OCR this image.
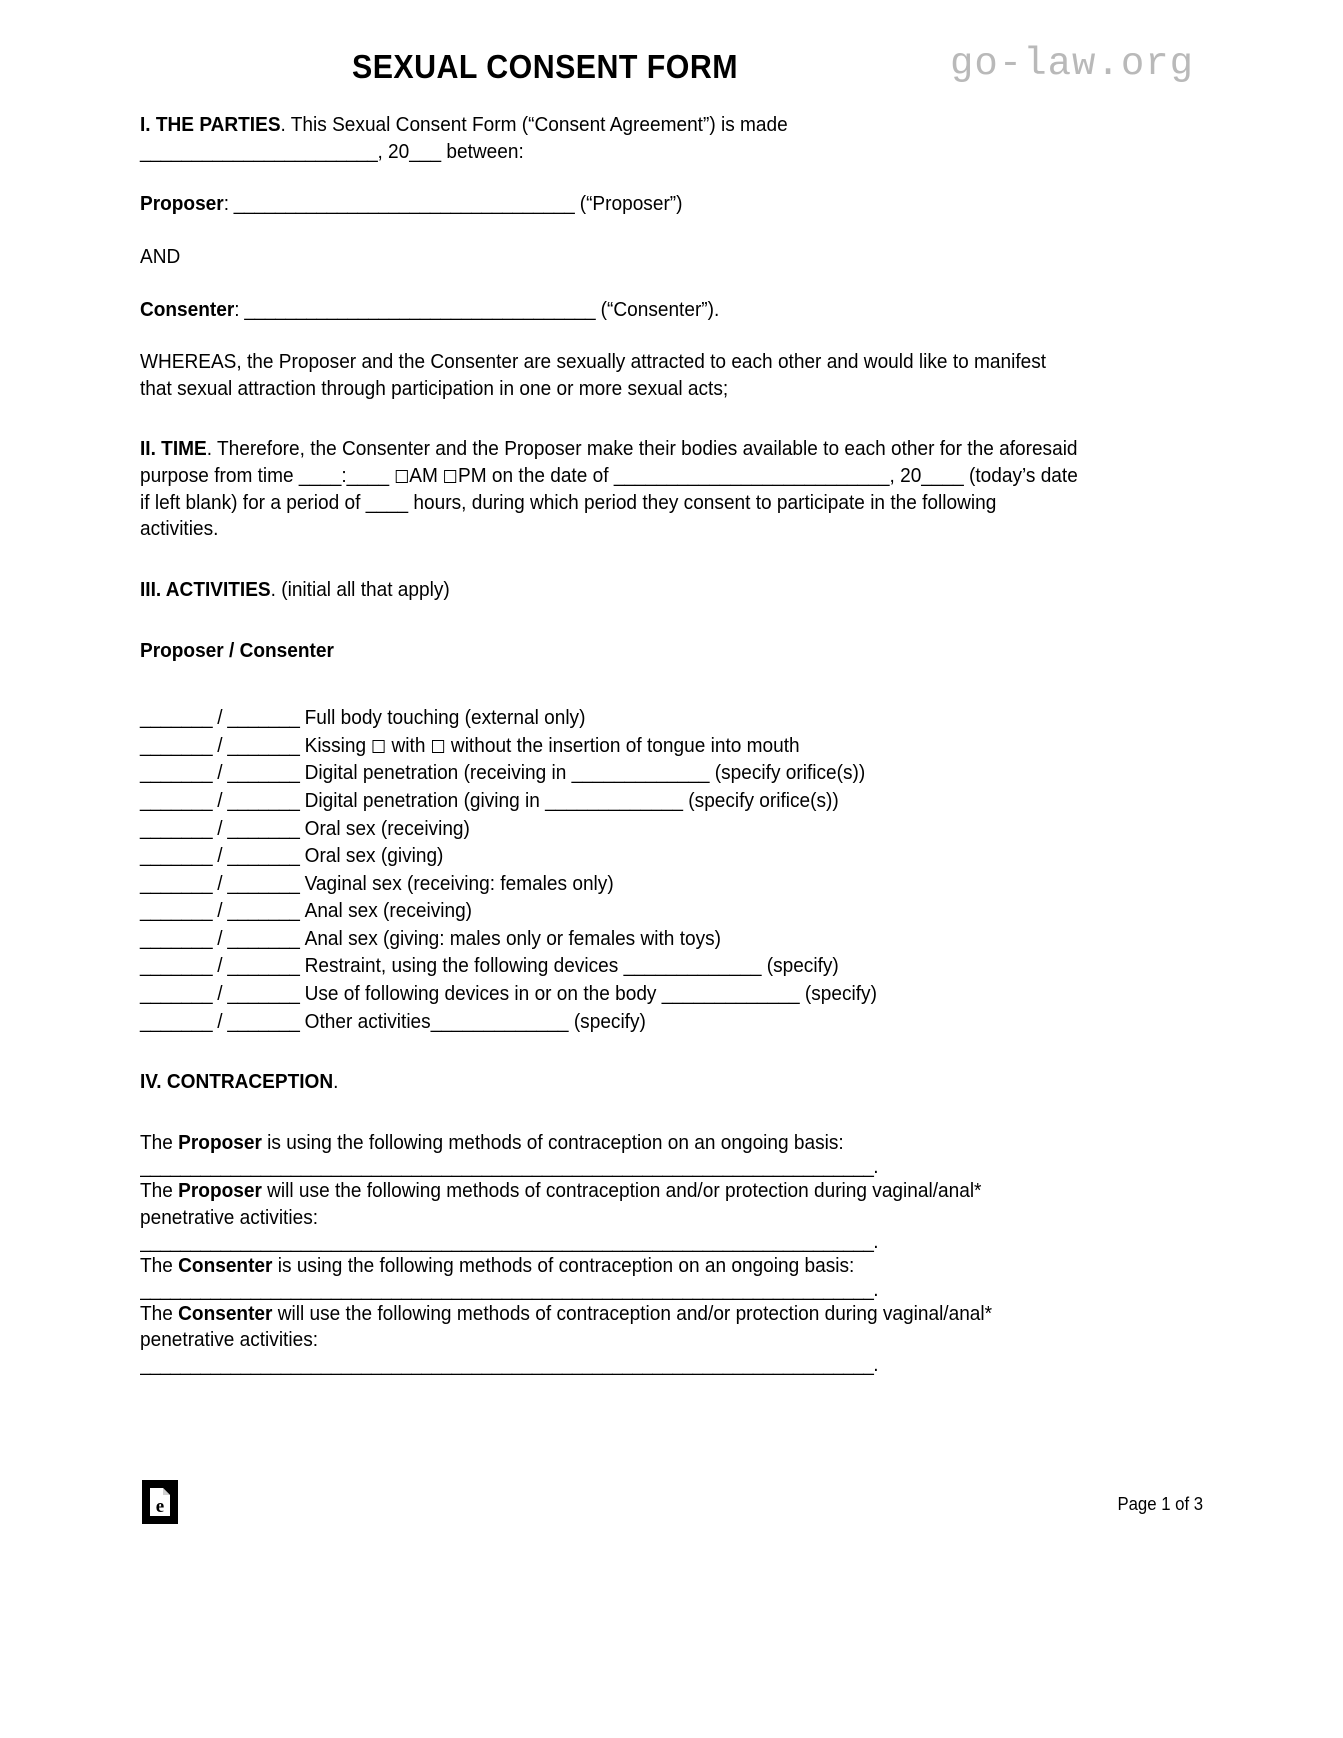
SEXUAL CONSENT FORM	go-law.org

I. THE PARTIES. This Sexual Consent Form (“Consent Agreement”) is made
_______________________, 20___ between:

Proposer: _________________________________ (“Proposer”)

AND

Consenter: __________________________________ (“Consenter”).

WHEREAS, the Proposer and the Consenter are sexually attracted to each other and would like to manifest that sexual attraction through participation in one or more sexual acts;

II. TIME. Therefore, the Consenter and the Proposer make their bodies available to each other for the aforesaid purpose from time ____:____ AM PM on the date of __________________________, 20____ (today’s date if left blank) for a period of ____ hours, during which period they consent to participate in the following activities.

III. ACTIVITIES. (initial all that apply)

Proposer / Consenter

_______ / _______ Full body touching (external only)
_______ / _______ Kissing  with  without the insertion of tongue into mouth
_______ / _______ Digital penetration (receiving in _____________ (specify orifice(s))
_______ / _______ Digital penetration (giving in _____________ (specify orifice(s))
_______ / _______ Oral sex (receiving)
_______ / _______ Oral sex (giving)
_______ / _______ Vaginal sex (receiving: females only)
_______ / _______ Anal sex (receiving)
_______ / _______ Anal sex (giving: males only or females with toys)
_______ / _______ Restraint, using the following devices _____________ (specify)
_______ / _______ Use of following devices in or on the body _____________ (specify)
_______ / _______ Other activities_____________ (specify)

IV. CONTRACEPTION.

The Proposer is using the following methods of contraception on an ongoing basis:

_________________________________________________________________________.

The Proposer will use the following methods of contraception and/or protection during vaginal/anal* penetrative activities:

_________________________________________________________________________.

The Consenter is using the following methods of contraception on an ongoing basis:

_________________________________________________________________________.

The Consenter will use the following methods of contraception and/or protection during vaginal/anal* penetrative activities:

_________________________________________________________________________.

e	Page 1 of 3
